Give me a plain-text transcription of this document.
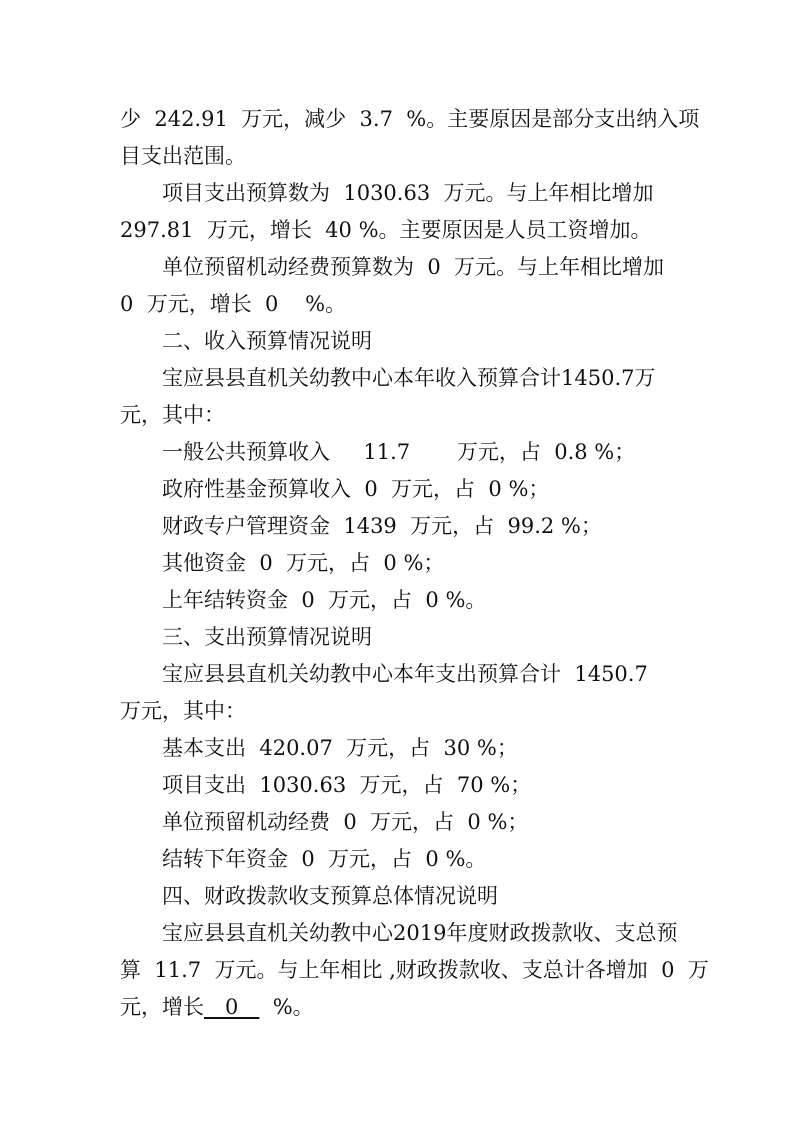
少  242.91  万元，减少  3.7  %。主要原因是部分支出纳入项
目支出范围。
项目支出预算数为  1030.63  万元。与上年相比增加
297.81  万元，增长  40 %。主要原因是人员工资增加。
单位预留机动经费预算数为  0  万元。与上年相比增加
0  万元，增长  0    %。
二、收入预算情况说明
宝应县县直机关幼教中心本年收入预算合计1450.7万
元，其中：
一般公共预算收入     11.7       万元，占  0.8 %；
政府性基金预算收入  0  万元，占  0 %；
财政专户管理资金  1439  万元，占  99.2 %；
其他资金  0  万元，占  0 %；
上年结转资金  0  万元，占  0 %。
三、支出预算情况说明
宝应县县直机关幼教中心本年支出预算合计  1450.7
万元，其中：
基本支出  420.07  万元，占  30 %；
项目支出  1030.63  万元，占  70 %；
单位预留机动经费  0  万元，占  0 %；
结转下年资金  0  万元，占  0 %。
四、财政拨款收支预算总体情况说明
宝应县县直机关幼教中心2019年度财政拨款收、支总预
算  11.7  万元。与上年相比 ,财政拨款收、支总计各增加  0  万
元，增长__0__  %。
